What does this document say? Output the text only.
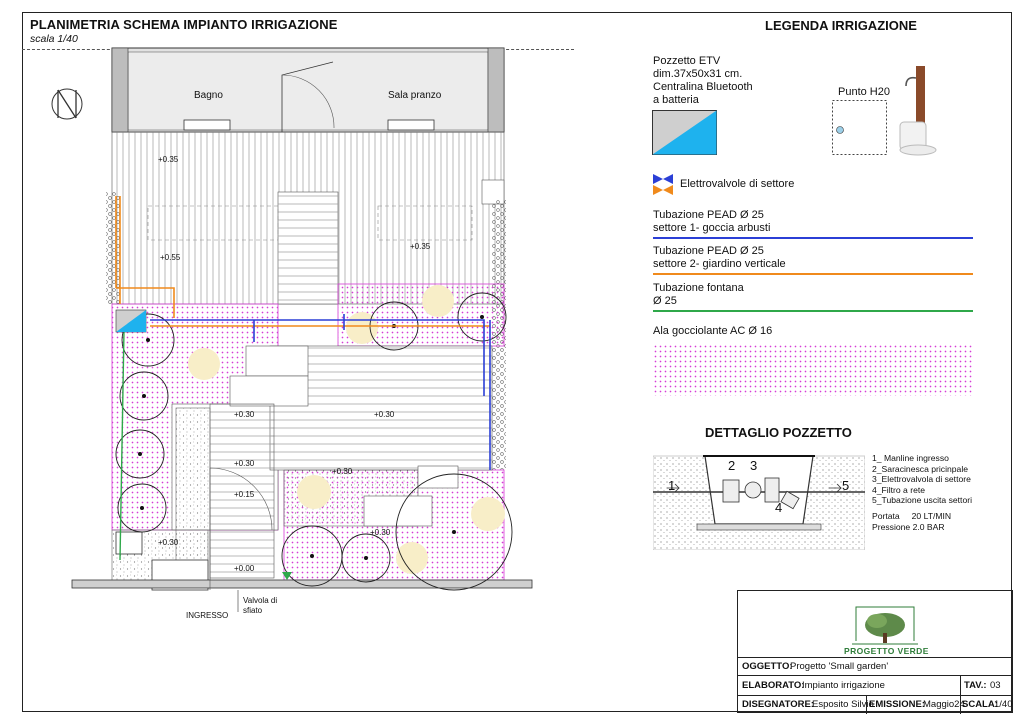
PLANIMETRIA SCHEMA IMPIANTO IRRIGAZIONE
scala 1/40
LEGENDA IRRIGAZIONE
Bagno	Sala pranzo
+0.35
+0.35
+0.55
+0.30	+0.30
+0.30
+0.30
+0.15
+0.30
+0.30
+0.00
INGRESSO
Valvola di
sfiato
Pozzetto ETV
dim.37x50x31 cm.
Centralina Bluetooth
a batteria
Punto H20
Elettrovalvole di settore
Tubazione PEAD Ø 25
settore 1- goccia arbusti
Tubazione PEAD Ø 25
settore 2- giardino verticale
Tubazione fontana
Ø 25
Ala gocciolante AC Ø 16
DETTAGLIO POZZETTO
1
2 3
4
5
1_ Manline ingresso
2_Saracinesca pricinpale
3_Elettrovalvola di settore
4_Filtro a rete
5_Tubazione uscita settori
Portata     20 LT/MIN
Pressione 2.0 BAR
PROGETTO VERDE
OGGETTO:
Progetto 'Small garden'
ELABORATO:
Impianto irrigazione	TAV.: 03
DISEGNATORE:
Esposito Silvio
EMISSIONE:
Maggio24
SCALA:
1/40
